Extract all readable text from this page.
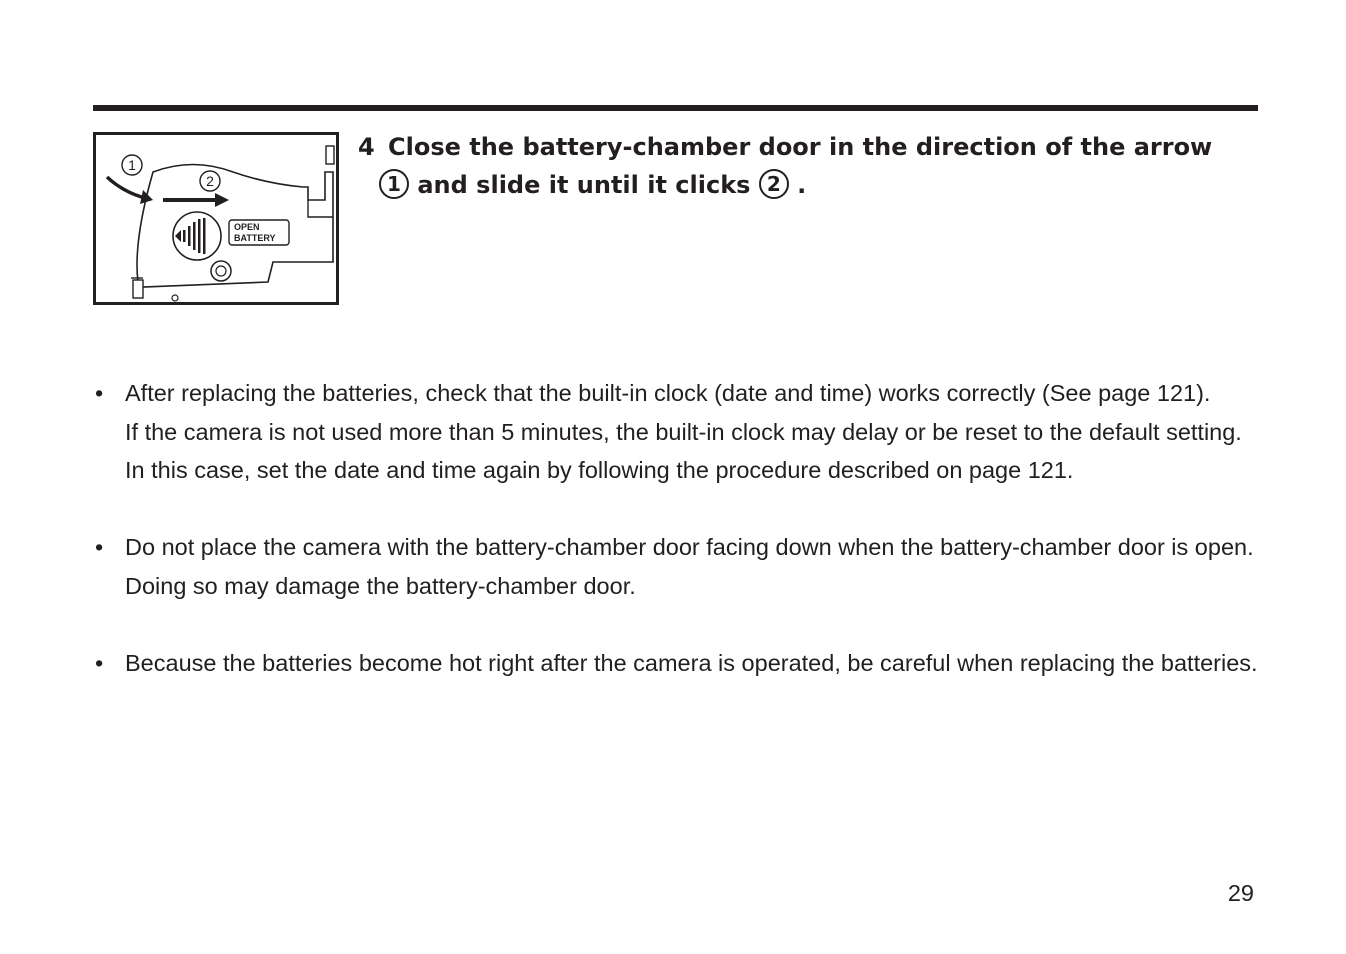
OPEN
BATTERY
1
2
4 Close the battery-chamber door in the direction of the arrow
1 and slide it until it clicks 2 .
• After replacing the batteries, check that the built-in clock (date and time) works correctly (See page 121).
If the camera is not used more than 5 minutes, the built-in clock may delay or be reset to the default setting. In this case, set the date and time again by following the procedure described on page 121.
• Do not place the camera with the battery-chamber door facing down when the battery-chamber door is open. Doing so may damage the battery-chamber door.
• Because the batteries become hot right after the camera is operated, be careful when replacing the batteries.
29
